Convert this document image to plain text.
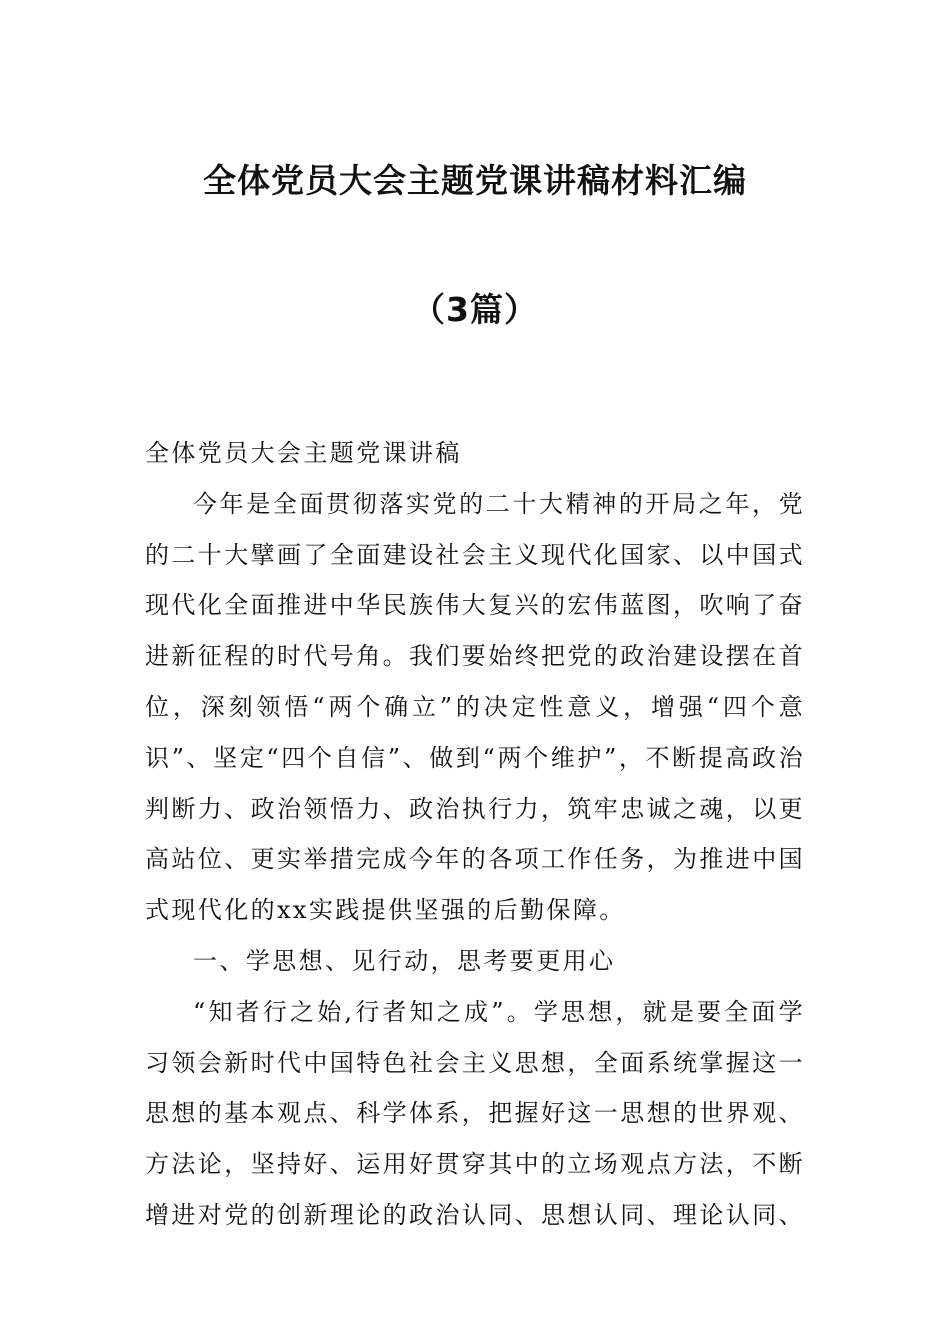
全体党员大会主题党课讲稿材料汇编
（3篇）

全体党员大会主题党课讲稿

今年是全面贯彻落实党的二十大精神的开局之年，党的二十大擘画了全面建设社会主义现代化国家、以中国式现代化全面推进中华民族伟大复兴的宏伟蓝图，吹响了奋进新征程的时代号角。我们要始终把党的政治建设摆在首位，深刻领悟“两个确立”的决定性意义，增强“四个意识”、坚定“四个自信”、做到“两个维护”，不断提高政治判断力、政治领悟力、政治执行力，筑牢忠诚之魂，以更高站位、更实举措完成今年的各项工作任务，为推进中国式现代化的xx实践提供坚强的后勤保障。

一、学思想、见行动，思考要更用心

“知者行之始,行者知之成”。学思想，就是要全面学习领会新时代中国特色社会主义思想，全面系统掌握这一思想的基本观点、科学体系，把握好这一思想的世界观、方法论，坚持好、运用好贯穿其中的立场观点方法，不断增进对党的创新理论的政治认同、思想认同、理论认同、
